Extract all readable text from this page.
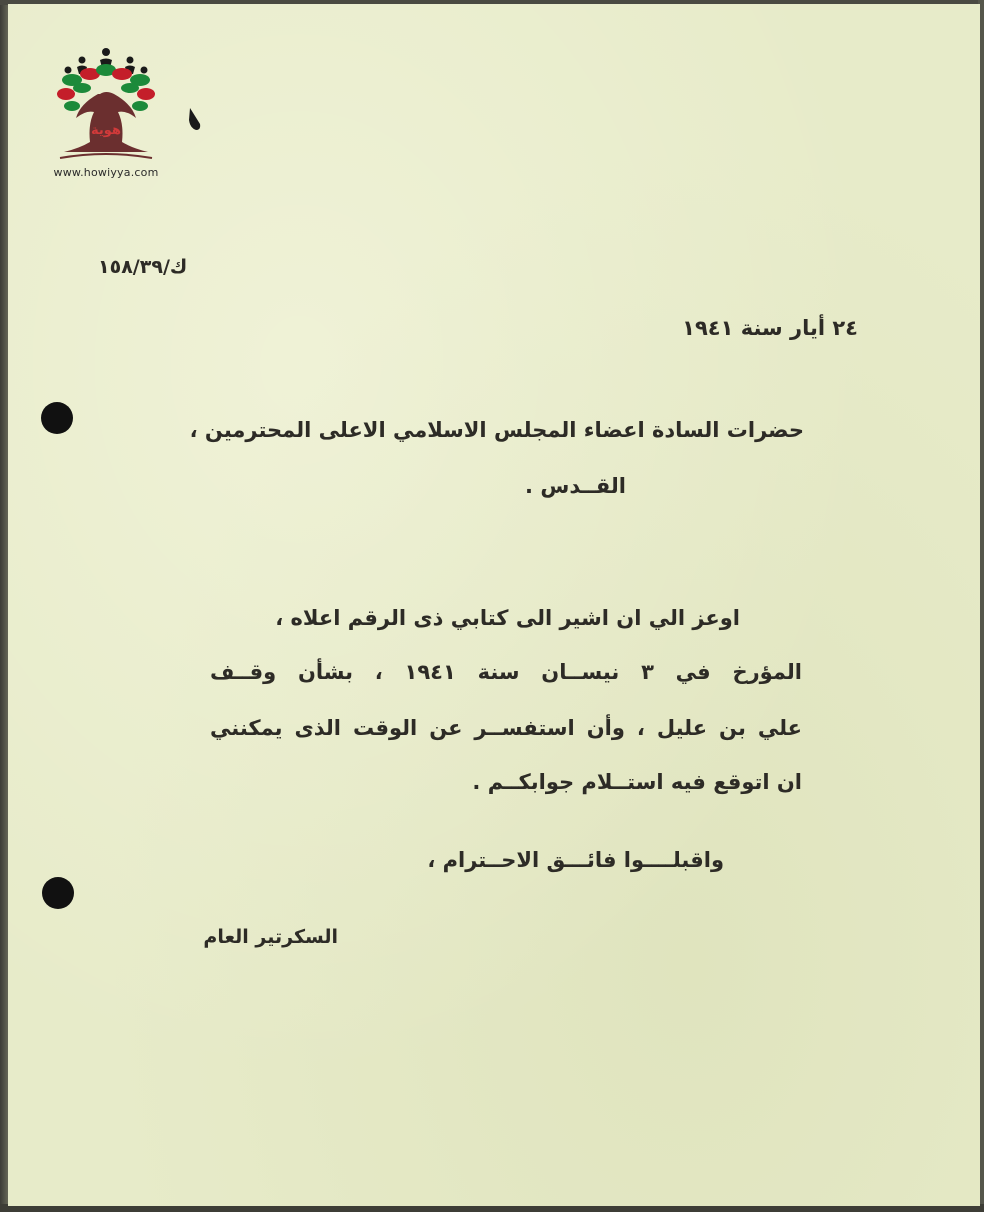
هوية
www.howiyya.com
ك/١٥٨/٣٩
٢٤ أيار سنة ١٩٤١
حضرات السادة اعضاء المجلس الاسلامي الاعلى المحترمين ،
القــدس .
اوعز الي ان اشير الى كتابي ذى الرقم اعلاه ،
المؤرخ في ٣ نيســان سنة ١٩٤١ ، بشأن وقــف
علي بن عليل ، وأن استفســر عن الوقت الذى يمكنني
ان اتوقع فيه استــلام جوابكــم .
واقبلــــوا فائـــق الاحــترام ،
السكرتير العام
